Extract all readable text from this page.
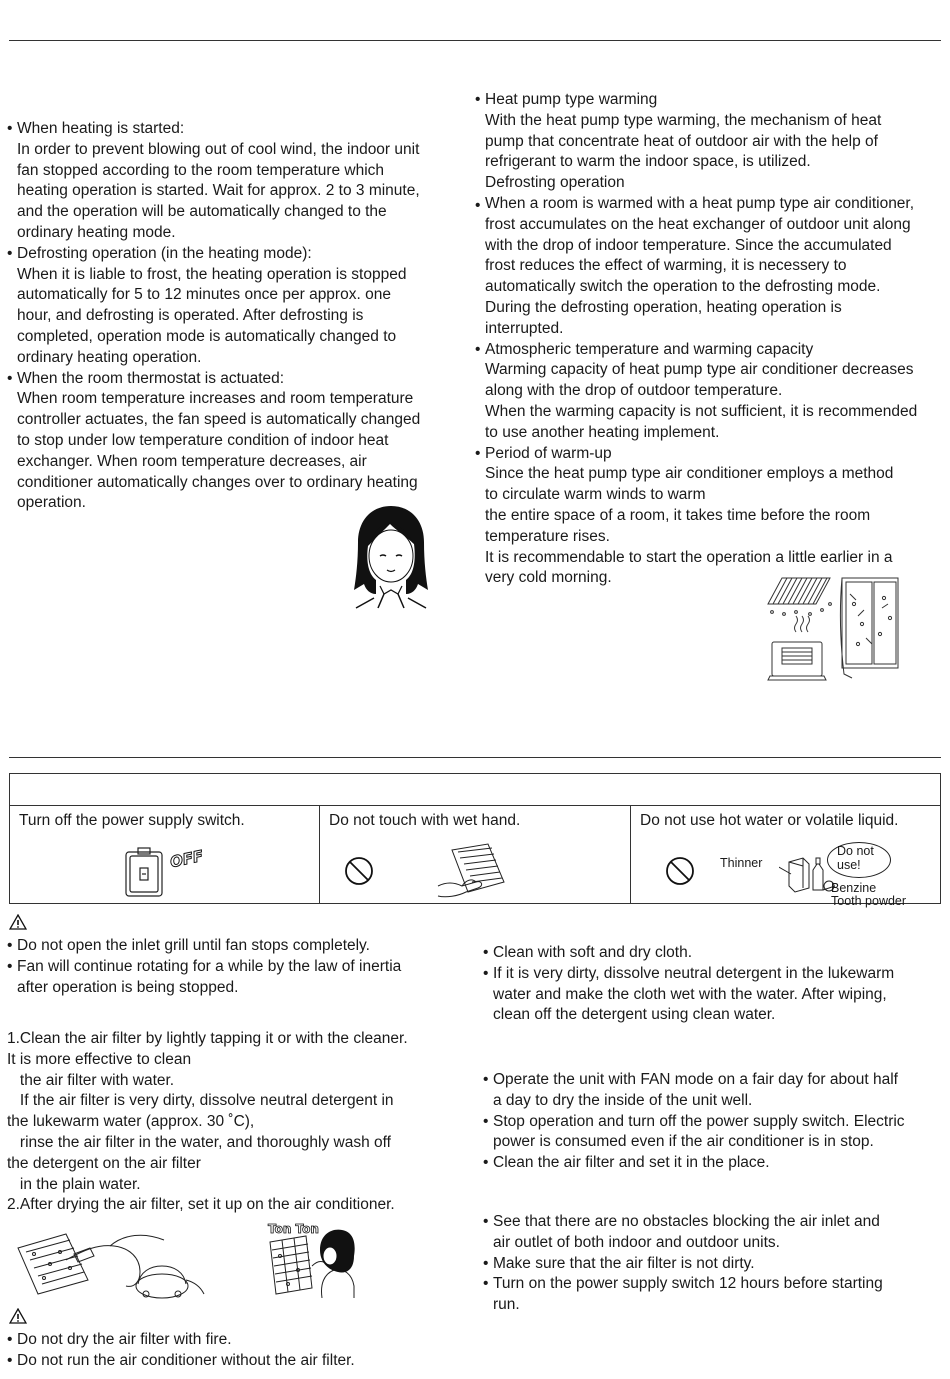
• When heating is started:
In order to prevent blowing out of cool wind, the indoor unit
fan stopped according to the room temperature which
heating operation is started. Wait for approx. 2 to 3 minute,
and the operation will be automatically changed to the
ordinary heating mode.
• Defrosting operation (in the heating mode):
When it is liable to frost, the heating operation is stopped
automatically for 5 to 12 minutes once per approx. one
hour, and defrosting is operated. After defrosting is
completed, operation mode is automatically changed to
ordinary heating operation.
• When the room thermostat is actuated:
When room temperature increases and room temperature
controller actuates, the fan speed is automatically changed
to stop under low temperature condition of indoor heat
exchanger. When room temperature decreases, air
conditioner automatically changes over to ordinary heating
operation.
• Heat pump type warming
With the heat pump type warming, the mechanism of heat
pump that concentrate heat of outdoor air with the help of
refrigerant to warm the indoor space, is utilized.
Defrosting operation
• When a room is warmed with a heat pump type air conditioner,
frost accumulates on the heat exchanger of outdoor unit along
with the drop of indoor temperature. Since the accumulated
frost reduces the effect of warming, it is necessery to
automatically switch the operation to the defrosting mode.
During the defrosting operation, heating operation is
interrupted.
• Atmospheric temperature and warming capacity
Warming capacity of heat pump type air conditioner decreases
along with the drop of outdoor temperature.
When the warming capacity is not sufficient, it is recommended
to use another heating implement.
• Period of warm-up
Since the heat pump type air conditioner employs a method
to circulate warm winds to warm
the entire space of a room, it takes time before the room
temperature rises.
It is recommendable to start the operation a little earlier in a
very cold morning.
Turn off the power supply switch.
OFF
Do not touch with wet hand.	Do not use hot water or volatile liquid.
Thinner
Do not
use!
Benzine
Tooth powder
• Do not open the inlet grill until fan stops completely.
• Fan will continue rotating for a while by the law of inertia
after operation is being stopped.
1.Clean the air filter by lightly tapping it or with the cleaner.
It is more effective to clean
the air filter with water.
If the air filter is very dirty, dissolve neutral detergent in
the lukewarm water (approx. 30 ˚C),
rinse the air filter in the water, and thoroughly wash off
the detergent on the air filter
in the plain water.
2.After drying the air filter, set it up on the air conditioner.
Ton Ton
• Do not dry the air filter with fire.
• Do not run the air conditioner without the air filter.
• Clean with soft and dry cloth.
• If it is very dirty, dissolve neutral detergent in the lukewarm
water and make the cloth wet with the water. After wiping,
clean off the detergent using clean water.
• Operate the unit with FAN mode on a fair day for about half
a day to dry the inside of the unit well.
• Stop operation and turn off the power supply switch. Electric
power is consumed even if the air conditioner is in stop.
• Clean the air filter and set it in the place.
• See that there are no obstacles blocking the air inlet and
air outlet of both indoor and outdoor units.
• Make sure that the air filter is not dirty.
• Turn on the power supply switch 12 hours before starting
run.
